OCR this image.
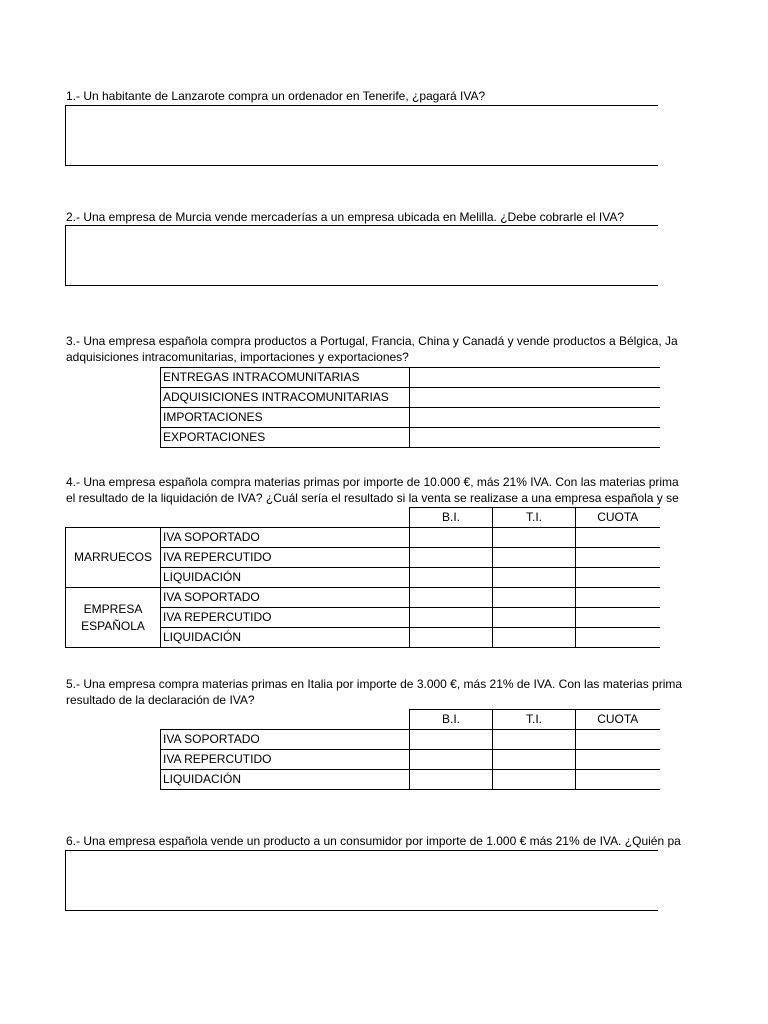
1.- Un habitante de Lanzarote compra un ordenador en Tenerife, ¿pagará IVA?
2.- Una empresa de Murcia vende mercaderías a un empresa ubicada en Melilla. ¿Debe cobrarle el IVA?
3.- Una empresa española compra productos a Portugal, Francia, China y Canadá y vende productos a Bélgica, Ja
adquisiciones intracomunitarias, importaciones y exportaciones?
ENTREGAS INTRACOMUNITARIAS	
ADQUISICIONES INTRACOMUNITARIAS	
IMPORTACIONES	
EXPORTACIONES	
4.- Una empresa española compra materias primas por importe de 10.000 €, más 21% IVA. Con las materias prima
el resultado de la liquidación de IVA? ¿Cuál sería el resultado si la venta se realizase a una empresa española y se
		B.I.	T.I.	CUOTA
MARRUECOS	IVA SOPORTADO			
	IVA REPERCUTIDO			
	LIQUIDACIÓN			
EMPRESA ESPAÑOLA	IVA SOPORTADO			
	IVA REPERCUTIDO			
	LIQUIDACIÓN			
5.- Una empresa compra materias primas en Italia por importe de 3.000 €, más 21% de IVA. Con las materias prima
resultado de la declaración de IVA?
	B.I.	T.I.	CUOTA
IVA SOPORTADO			
IVA REPERCUTIDO			
LIQUIDACIÓN			
6.- Una empresa española vende un producto a un consumidor por importe de 1.000 € más 21% de IVA. ¿Quién pa
